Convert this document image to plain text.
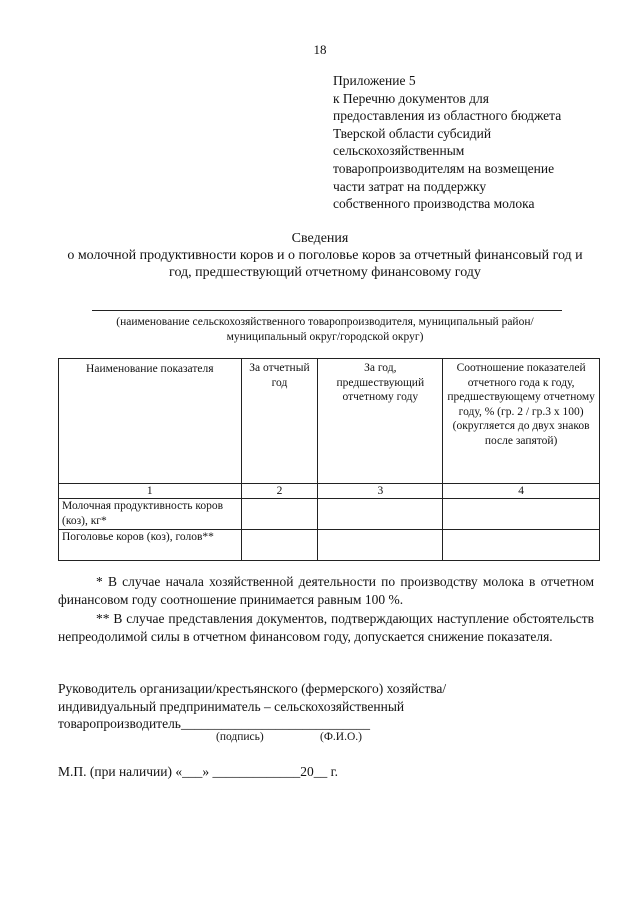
18
Приложение 5
к Перечню документов для
предоставления из областного бюджета
Тверской области субсидий
сельскохозяйственным
товаропроизводителям на возмещение
части затрат на поддержку
собственного производства молока
Сведения
о молочной продуктивности коров и о поголовье коров за отчетный финансовый год и год, предшествующий отчетному финансовому году
(наименование сельскохозяйственного товаропроизводителя, муниципальный район/ муниципальный округ/городской округ)
Наименование показателя	За отчетный год	За год, предшествующий отчетному году	Соотношение показателей отчетного года к году, предшествующему отчетному году, % (гр. 2 / гр.3 х 100) (округляется до двух знаков после запятой)
1	2	3	4
Молочная продуктивность коров (коз), кг*			
Поголовье коров (коз), голов**			

* В случае начала хозяйственной деятельности по производству молока в отчетном финансовом году соотношение принимается равным 100 %.

** В случае представления документов, подтверждающих наступление обстоятельств непреодолимой силы в отчетном финансовом году, допускается снижение показателя.

Руководитель организации/крестьянского (фермерского) хозяйства/
индивидуальный предприниматель – сельскохозяйственный
товаропроизводитель____________________________
(подпись)	(Ф.И.О.)
М.П. (при наличии) «___» _____________20__ г.
